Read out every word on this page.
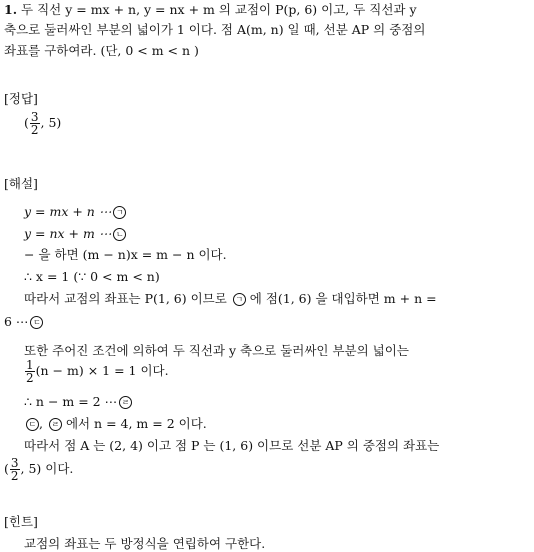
1. 두 직선 y = mx + n, y = nx + m 의 교점이 P(p, 6) 이고, 두 직선과 y
축으로 둘러싸인 부분의 넓이가 1 이다. 점 A(m, n) 일 때, 선분 AP 의 중점의
좌표를 구하여라. (단, 0 < m < n )
[정답]
( $\frac{3}{2}$ , 5)
[해설]
y = mx + n ⋯ ㄱ
y = nx + m ⋯ ㄴ
− 을 하면 (m − n)x = m − n 이다.
∴ x = 1 (∵ 0 < m < n)
따라서 교점의 좌표는 P(1, 6) 이므로 ㄱ 에 점(1, 6) 을 대입하면 m + n =
6 ⋯ ㄷ
또한 주어진 조건에 의하여 두 직선과 y 축으로 둘러싸인 부분의 넓이는
$\frac{1}{2} (n - m) \times 1 = 1$ 이다.
∴ n − m = 2 ⋯ ㄹ
ㄷ , ㄹ 에서 n = 4, m = 2 이다.
따라서 점 A 는 (2, 4) 이고 점 P 는 (1, 6) 이므로 선분 AP 의 중점의 좌표는
( $\frac{3}{2}$ , 5) 이다.
[힌트]
교점의 좌표는 두 방정식을 연립하여 구한다.
